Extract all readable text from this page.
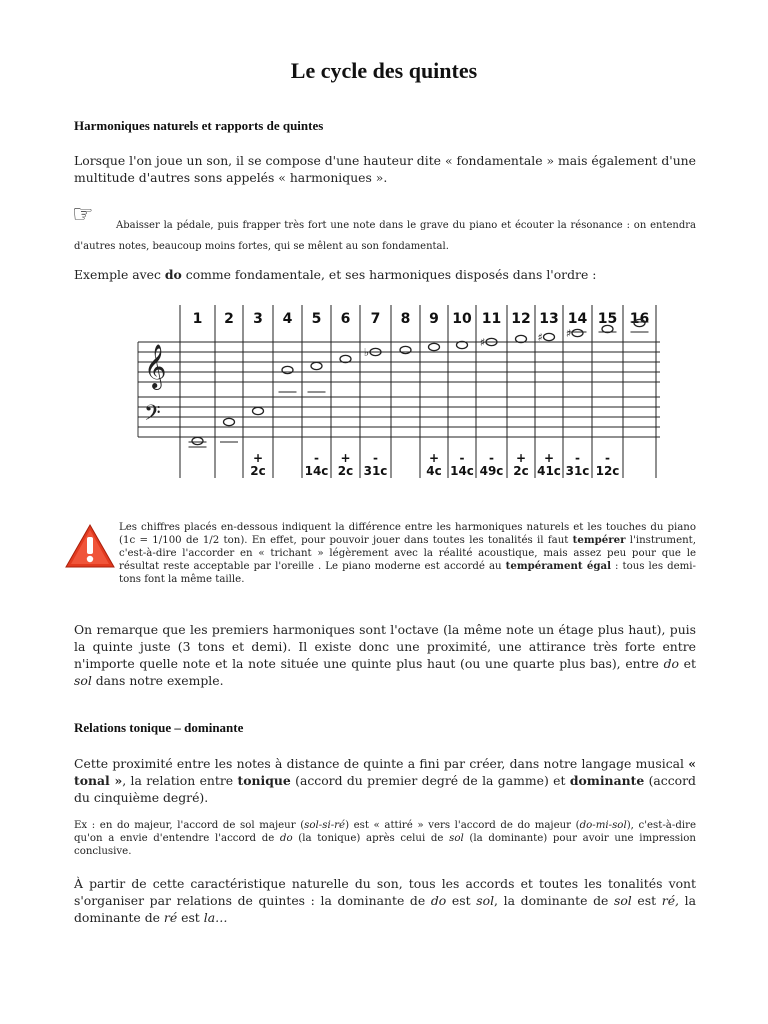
Le cycle des quintes
Harmoniques naturels et rapports de quintes
Lorsque l'on joue un son, il se compose d'une hauteur dite « fondamentale » mais également d'une multitude d'autres sons appelés « harmoniques ».
☞	Abaisser la pédale, puis frapper très fort une note dans le grave du piano et écouter la résonance : on entendra d'autres notes, beaucoup moins fortes, qui se mêlent au son fondamental.
Exemple avec do comme fondamentale, et ses harmoniques disposés dans l'ordre :
1 2 3 4 5 6 7 8 9 10 11 12 13 14 15 16
♭
♯	♯ ♯
+
2c
-
14c
+
2c
-
31c
+
4c
-
14c
-
49c
+
2c
+
41c
-
31c
-
12c
𝄞
𝄢
Les chiffres placés en-dessous indiquent la différence entre les harmoniques naturels et les touches du piano (1c = 1/100 de 1/2 ton). En effet, pour pouvoir jouer dans toutes les tonalités il faut tempérer l'instrument, c'est-à-dire l'accorder en « trichant » légèrement avec la réalité acoustique, mais assez peu pour que le résultat reste acceptable par l'oreille . Le piano moderne est accordé au tempérament égal : tous les demi-tons font la même taille.
On remarque que les premiers harmoniques sont l'octave (la même note un étage plus haut), puis la quinte juste (3 tons et demi). Il existe donc une proximité, une attirance très forte entre n'importe quelle note et la note située une quinte plus haut (ou une quarte plus bas), entre do et sol dans notre exemple.
Relations tonique – dominante
Cette proximité entre les notes à distance de quinte a fini par créer, dans notre langage musical « tonal », la relation entre tonique (accord du premier degré de la gamme) et dominante (accord du cinquième degré).
Ex : en do majeur, l'accord de sol majeur (sol-si-ré) est « attiré » vers l'accord de do majeur (do-mi-sol), c'est-à-dire qu'on a envie d'entendre l'accord de do (la tonique) après celui de sol (la dominante) pour avoir une impression conclusive.
À partir de cette caractéristique naturelle du son, tous les accords et toutes les tonalités vont s'organiser par relations de quintes : la dominante de do est sol, la dominante de sol est ré, la dominante de ré est la…
